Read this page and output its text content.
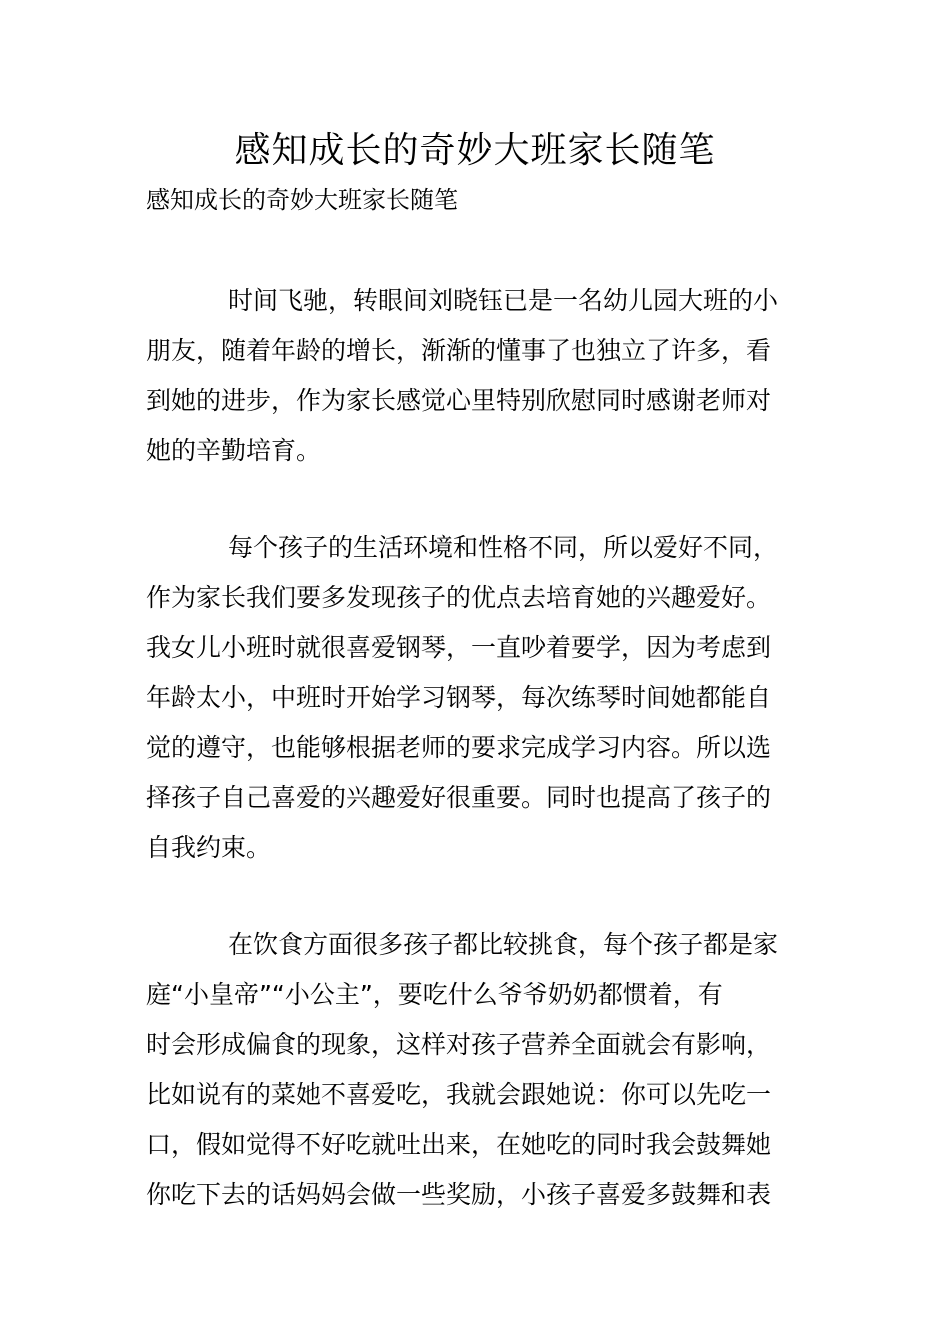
感知成长的奇妙大班家长随笔
感知成长的奇妙大班家长随笔

时间飞驰，转眼间刘晓钰已是一名幼儿园大班的小
朋友，随着年龄的增长，渐渐的懂事了也独立了许多，看
到她的进步，作为家长感觉心里特别欣慰同时感谢老师对
她的辛勤培育。

每个孩子的生活环境和性格不同，所以爱好不同，
作为家长我们要多发现孩子的优点去培育她的兴趣爱好。
我女儿小班时就很喜爱钢琴，一直吵着要学，因为考虑到
年龄太小，中班时开始学习钢琴，每次练琴时间她都能自
觉的遵守，也能够根据老师的要求完成学习内容。所以选
择孩子自己喜爱的兴趣爱好很重要。同时也提高了孩子的
自我约束。

在饮食方面很多孩子都比较挑食，每个孩子都是家
庭“小皇帝”“小公主”，要吃什么爷爷奶奶都惯着，有
时会形成偏食的现象，这样对孩子营养全面就会有影响，
比如说有的菜她不喜爱吃，我就会跟她说：你可以先吃一
口，假如觉得不好吃就吐出来，在她吃的同时我会鼓舞她
你吃下去的话妈妈会做一些奖励，小孩子喜爱多鼓舞和表
